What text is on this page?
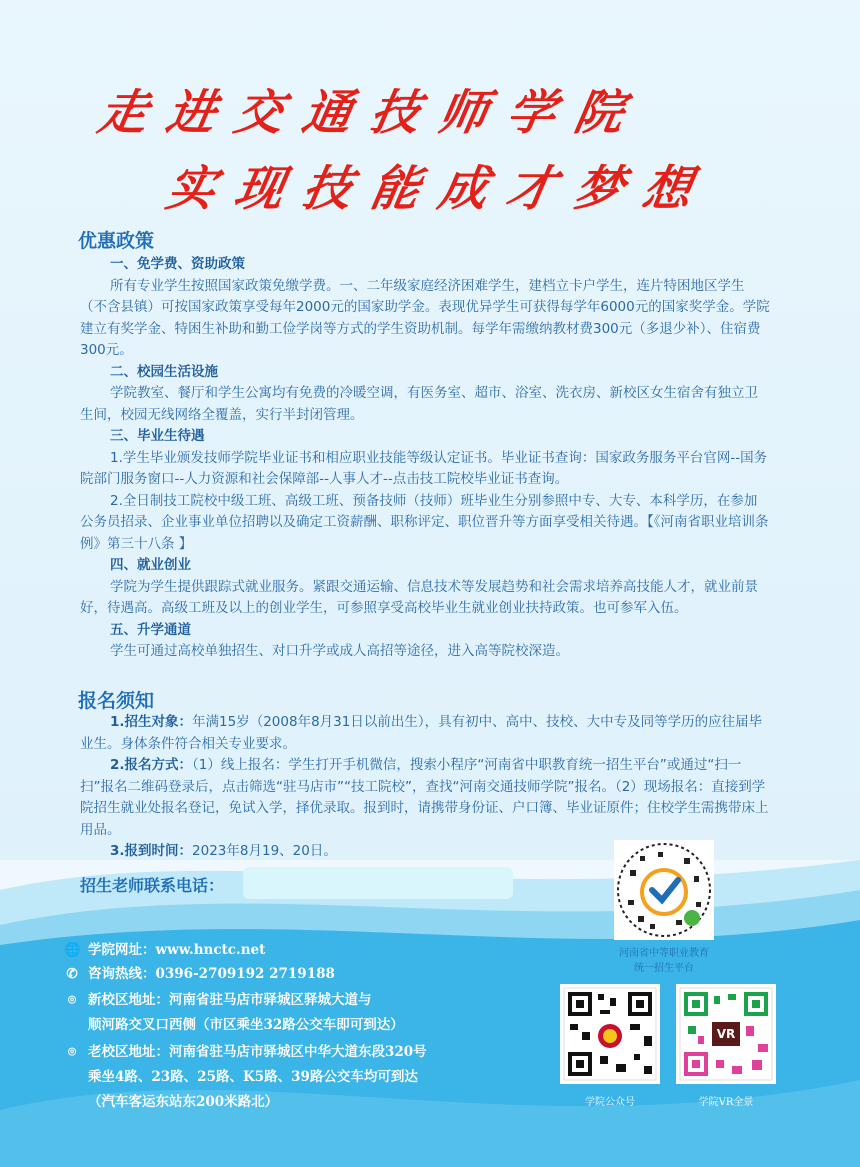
走进交通技师学院
实现技能成才梦想
优惠政策
一、免学费、资助政策
所有专业学生按照国家政策免缴学费。一、二年级家庭经济困难学生，建档立卡户学生，连片特困地区学生（不含县镇）可按国家政策享受每年2000元的国家助学金。表现优异学生可获得每学年6000元的国家奖学金。学院建立有奖学金、特困生补助和勤工俭学岗等方式的学生资助机制。每学年需缴纳教材费300元（多退少补）、住宿费300元。
二、校园生活设施
学院教室、餐厅和学生公寓均有免费的冷暖空调，有医务室、超市、浴室、洗衣房、新校区女生宿舍有独立卫生间，校园无线网络全覆盖，实行半封闭管理。
三、毕业生待遇
1.学生毕业颁发技师学院毕业证书和相应职业技能等级认定证书。毕业证书查询：国家政务服务平台官网--国务院部门服务窗口--人力资源和社会保障部--人事人才--点击技工院校毕业证书查询。
2.全日制技工院校中级工班、高级工班、预备技师（技师）班毕业生分别参照中专、大专、本科学历，在参加公务员招录、企业事业单位招聘以及确定工资薪酬、职称评定、职位晋升等方面享受相关待遇。【《河南省职业培训条例》第三十八条 】
四、就业创业
学院为学生提供跟踪式就业服务。紧跟交通运输、信息技术等发展趋势和社会需求培养高技能人才，就业前景好，待遇高。高级工班及以上的创业学生，可参照享受高校毕业生就业创业扶持政策。也可参军入伍。
五、升学通道
学生可通过高校单独招生、对口升学或成人高招等途径，进入高等院校深造。
报名须知
1.招生对象：年满15岁（2008年8月31日以前出生），具有初中、高中、技校、大中专及同等学历的应往届毕业生。身体条件符合相关专业要求。
2.报名方式：（1）线上报名：学生打开手机微信，搜索小程序“河南省中职教育统一招生平台”或通过“扫一扫”报名二维码登录后，点击筛选“驻马店市”“技工院校”，查找“河南交通技师学院”报名。（2）现场报名：直接到学院招生就业处报名登记，免试入学，择优录取。报到时，请携带身份证、户口簿、毕业证原件；住校学生需携带床上用品。
3.报到时间：2023年8月19、20日。
招生老师联系电话：
河南省中等职业教育
统一招生平台
🌐 学院网址：www.hnctc.net
✆ 咨询热线：0396-2709192 2719188
⌾ 新校区地址：河南省驻马店市驿城区驿城大道与
顺河路交叉口西侧（市区乘坐32路公交车即可到达）
⌾ 老校区地址：河南省驻马店市驿城区中华大道东段320号
乘坐4路、23路、25路、K5路、39路公交车均可到达
（汽车客运东站东200米路北）	学院公众号
VR
学院VR全景
